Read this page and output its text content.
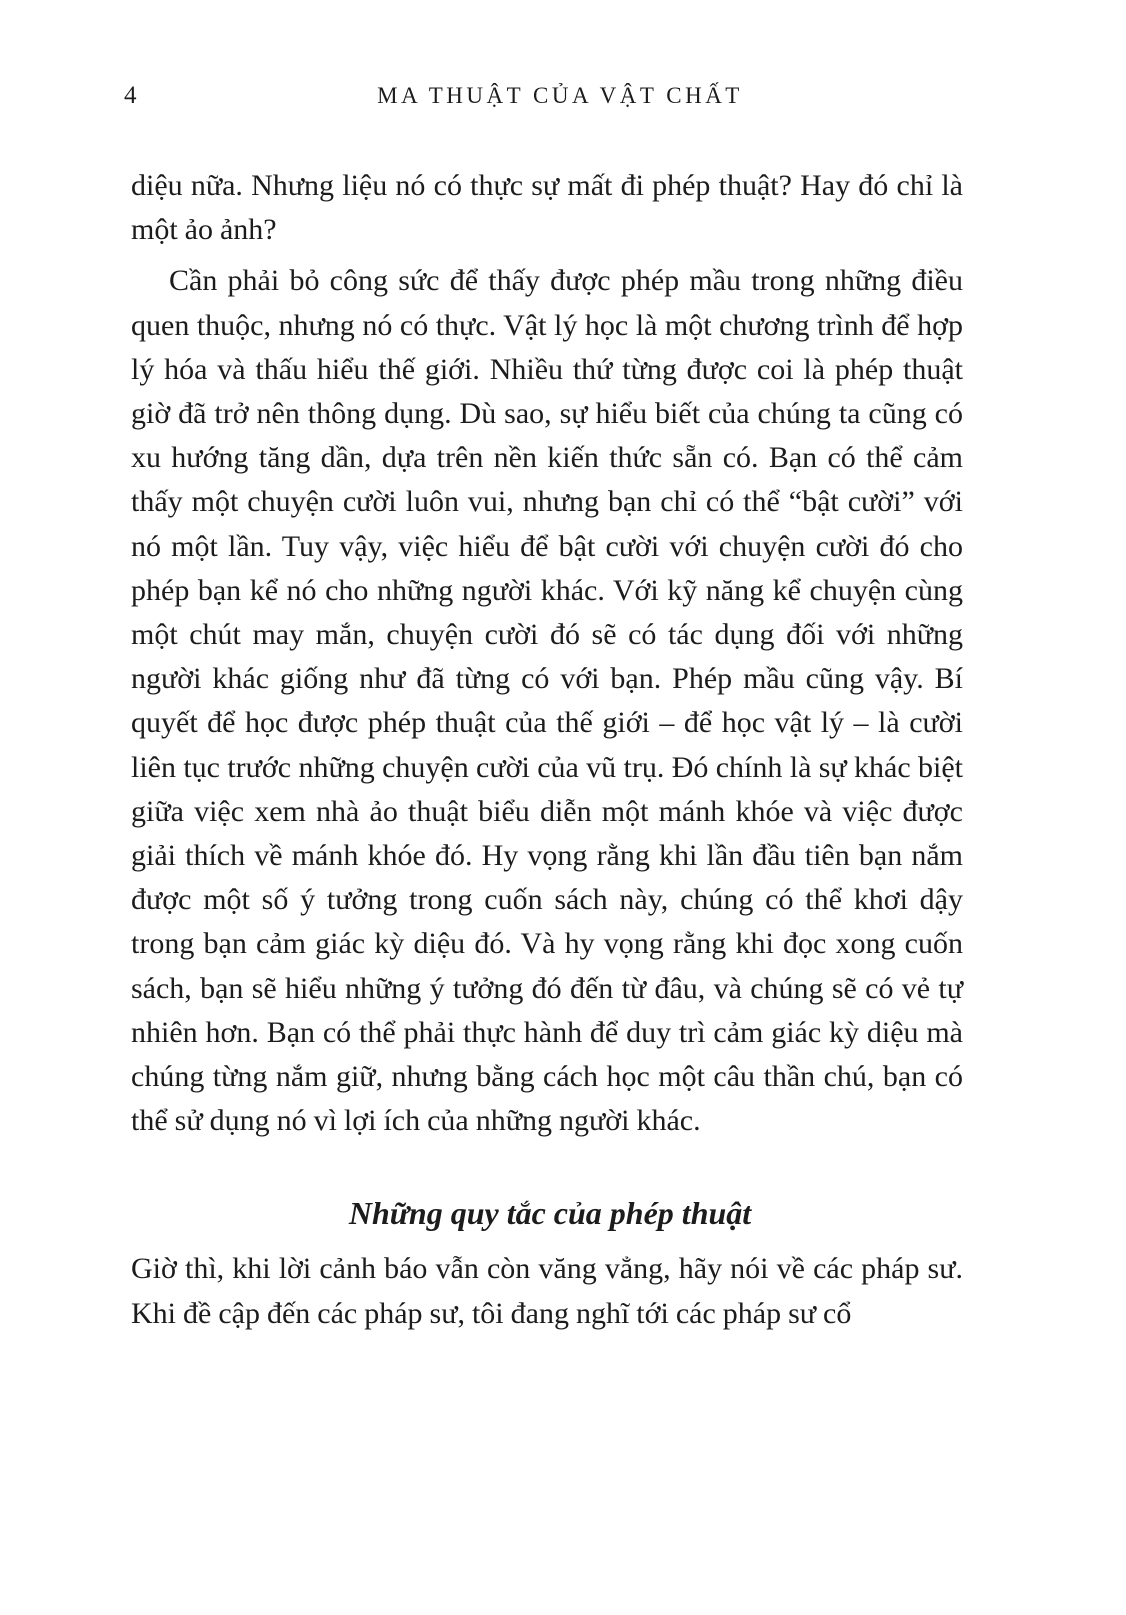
4	MA THUẬT CỦA VẬT CHẤT

diệu nữa. Nhưng liệu nó có thực sự mất đi phép thuật? Hay đó chỉ là một ảo ảnh?

Cần phải bỏ công sức để thấy được phép mầu trong những điều quen thuộc, nhưng nó có thực. Vật lý học là một chương trình để hợp lý hóa và thấu hiểu thế giới. Nhiều thứ từng được coi là phép thuật giờ đã trở nên thông dụng. Dù sao, sự hiểu biết của chúng ta cũng có xu hướng tăng dần, dựa trên nền kiến thức sẵn có. Bạn có thể cảm thấy một chuyện cười luôn vui, nhưng bạn chỉ có thể “bật cười” với nó một lần. Tuy vậy, việc hiểu để bật cười với chuyện cười đó cho phép bạn kể nó cho những người khác. Với kỹ năng kể chuyện cùng một chút may mắn, chuyện cười đó sẽ có tác dụng đối với những người khác giống như đã từng có với bạn. Phép mầu cũng vậy. Bí quyết để học được phép thuật của thế giới – để học vật lý – là cười liên tục trước những chuyện cười của vũ trụ. Đó chính là sự khác biệt giữa việc xem nhà ảo thuật biểu diễn một mánh khóe và việc được giải thích về mánh khóe đó. Hy vọng rằng khi lần đầu tiên bạn nắm được một số ý tưởng trong cuốn sách này, chúng có thể khơi dậy trong bạn cảm giác kỳ diệu đó. Và hy vọng rằng khi đọc xong cuốn sách, bạn sẽ hiểu những ý tưởng đó đến từ đâu, và chúng sẽ có vẻ tự nhiên hơn. Bạn có thể phải thực hành để duy trì cảm giác kỳ diệu mà chúng từng nắm giữ, nhưng bằng cách học một câu thần chú, bạn có thể sử dụng nó vì lợi ích của những người khác.

Những quy tắc của phép thuật

Giờ thì, khi lời cảnh báo vẫn còn văng vẳng, hãy nói về các pháp sư. Khi đề cập đến các pháp sư, tôi đang nghĩ tới các pháp sư cổ
